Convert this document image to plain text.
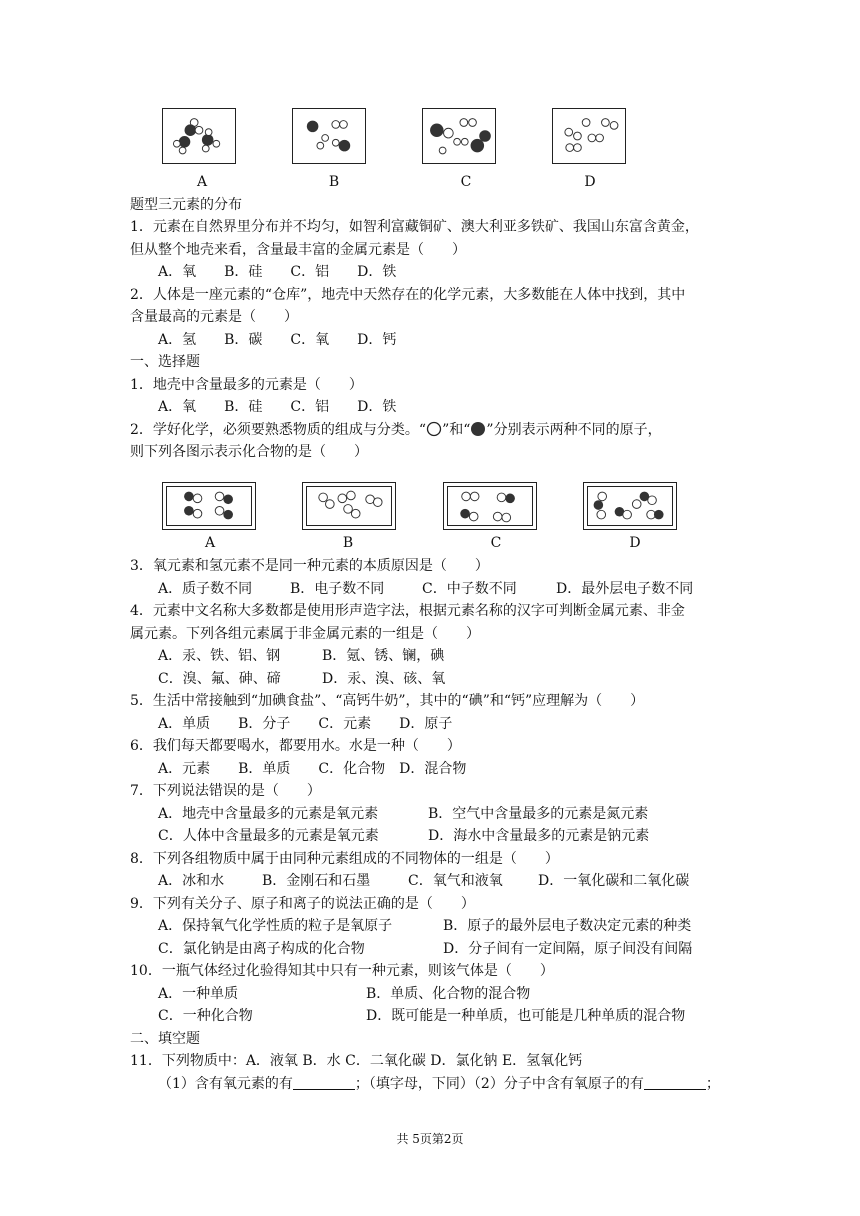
A	B	C	D
题型三元素的分布
1．元素在自然界里分布并不均匀，如智利富藏铜矿、澳大利亚多铁矿、我国山东富含黄金，
但从整个地壳来看，含量最丰富的金属元素是（　　）
A．氧　　B．硅　　C．铝　　D．铁
2．人体是一座元素的“仓库”，地壳中天然存在的化学元素，大多数能在人体中找到，其中
含量最高的元素是（　　）
A．氢　　B．碳　　C．氧　　D．钙
一、选择题
1．地壳中含量最多的元素是（　　）
A．氧　　B．硅　　C．铝　　D．铁
2．学好化学，必须要熟悉物质的组成与分类。“ ”和“ ”分别表示两种不同的原子，
则下列各图示表示化合物的是（　　）
A	B	C	D
3．氧元素和氢元素不是同一种元素的本质原因是（　　）
A．质子数不同	B．电子数不同	C．中子数不同	D．最外层电子数不同
4．元素中文名称大多数都是使用形声造字法，根据元素名称的汉字可判断金属元素、非金
属元素。下列各组元素属于非金属元素的一组是（　　）
A．汞、铁、铝、钢	B．氪、锈、镧，碘
C．溴、氟、砷、碲	D．汞、溴、硋、氧
5．生活中常接触到“加碘食盐”、“高钙牛奶”，其中的“碘”和“钙”应理解为（　　）
A．单质　　B．分子　　C．元素　　D．原子
6．我们每天都要喝水，都要用水。水是一种（　　）
A．元素　　B．单质　　C．化合物　D．混合物
7．下列说法错误的是（　　）
A．地壳中含量最多的元素是氧元素	B．空气中含量最多的元素是氮元素
C．人体中含量最多的元素是氧元素	D．海水中含量最多的元素是钠元素
8．下列各组物质中属于由同种元素组成的不同物体的一组是（　　）
A．冰和水	B．金刚石和石墨	C．氧气和液氧	D．一氧化碳和二氧化碳
9．下列有关分子、原子和离子的说法正确的是（　　）
A．保持氧气化学性质的粒子是氧原子	B．原子的最外层电子数决定元素的种类
C．氯化钠是由离子构成的化合物	D．分子间有一定间隔，原子间没有间隔
10．一瓶气体经过化验得知其中只有一种元素，则该气体是（　　）
A．一种单质	B．单质、化合物的混合物
C．一种化合物	D．既可能是一种单质，也可能是几种单质的混合物
二、填空题
11．下列物质中：A．液氧 B．水 C．二氧化碳 D．氯化钠 E．氢氧化钙
（1）含有氧元素的有	；（填字母，下同）（2）分子中含有氧原子的有	；
共 5页第2页
